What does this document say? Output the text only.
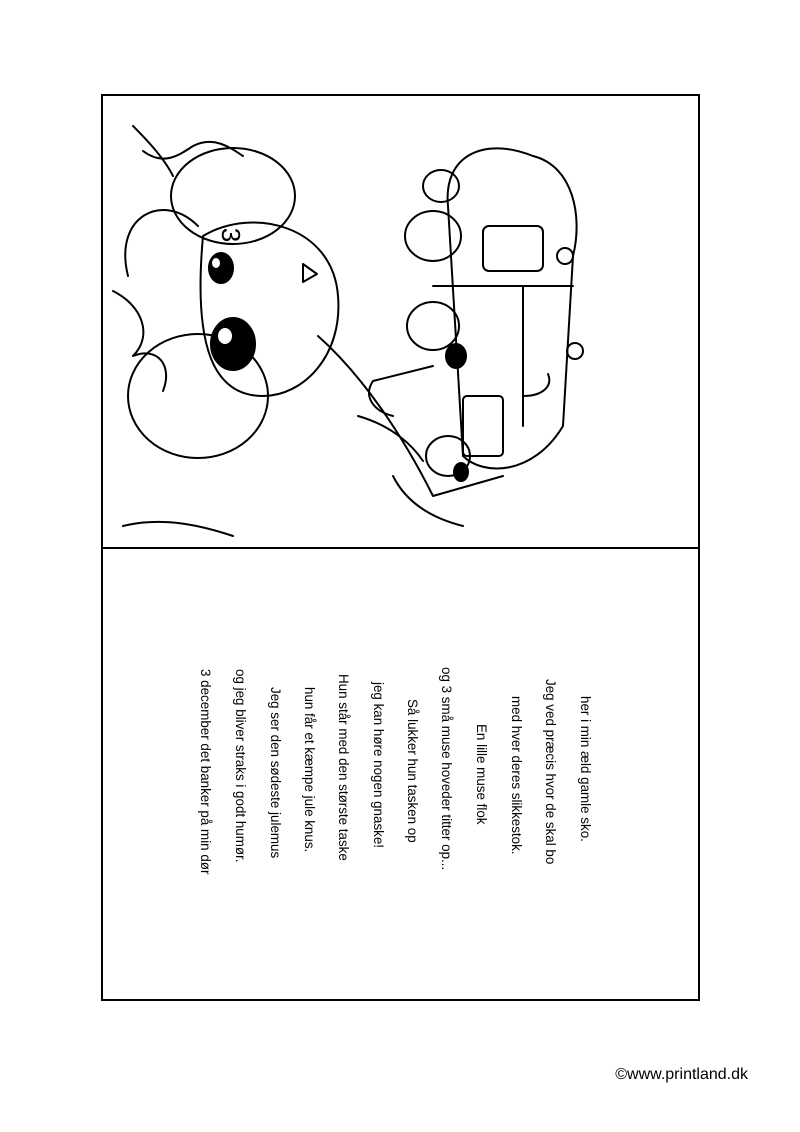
3
3 december det banker på min dør og jeg bliver straks i godt humør. Jeg ser den sødeste julemus hun får et kæmpe jule knus. Hun står med den største taske jeg kan høre nogen gnaske! Så lukker hun tasken op og 3 små muse hoveder titter op... En lille muse flok med hver deres slikkestok. Jeg ved præcis hvor de skal bo her i min æld gamle sko.
©www.printland.dk
